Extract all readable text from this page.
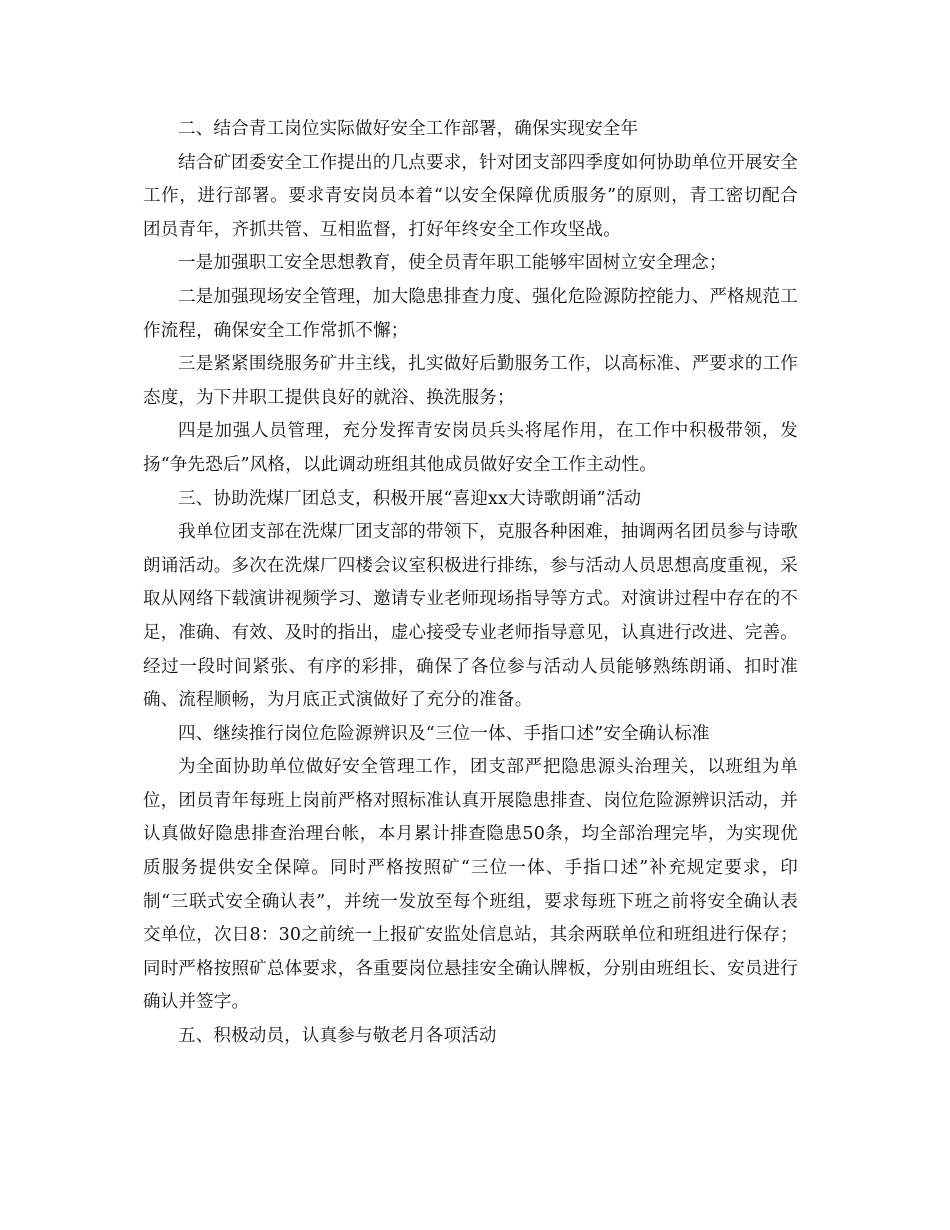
二、结合青工岗位实际做好安全工作部署，确保实现安全年

结合矿团委安全工作提出的几点要求，针对团支部四季度如何协助单位开展安全工作，进行部署。要求青安岗员本着“以安全保障优质服务”的原则，青工密切配合团员青年，齐抓共管、互相监督，打好年终安全工作攻坚战。

一是加强职工安全思想教育，使全员青年职工能够牢固树立安全理念；

二是加强现场安全管理，加大隐患排查力度、强化危险源防控能力、严格规范工作流程，确保安全工作常抓不懈；

三是紧紧围绕服务矿井主线，扎实做好后勤服务工作，以高标准、严要求的工作态度，为下井职工提供良好的就浴、换洗服务；

四是加强人员管理，充分发挥青安岗员兵头将尾作用，在工作中积极带领，发扬“争先恐后”风格，以此调动班组其他成员做好安全工作主动性。

三、协助洗煤厂团总支，积极开展“喜迎xx大诗歌朗诵”活动

我单位团支部在洗煤厂团支部的带领下，克服各种困难，抽调两名团员参与诗歌朗诵活动。多次在洗煤厂四楼会议室积极进行排练，参与活动人员思想高度重视，采取从网络下载演讲视频学习、邀请专业老师现场指导等方式。对演讲过程中存在的不足，准确、有效、及时的指出，虚心接受专业老师指导意见，认真进行改进、完善。经过一段时间紧张、有序的彩排，确保了各位参与活动人员能够熟练朗诵、扣时准确、流程顺畅，为月底正式演做好了充分的准备。

四、继续推行岗位危险源辨识及“三位一体、手指口述”安全确认标准

为全面协助单位做好安全管理工作，团支部严把隐患源头治理关，以班组为单位，团员青年每班上岗前严格对照标准认真开展隐患排查、岗位危险源辨识活动，并认真做好隐患排查治理台帐，本月累计排查隐患50条，均全部治理完毕，为实现优质服务提供安全保障。同时严格按照矿“三位一体、手指口述”补充规定要求，印制“三联式安全确认表”，并统一发放至每个班组，要求每班下班之前将安全确认表交单位，次日8：30之前统一上报矿安监处信息站，其余两联单位和班组进行保存；同时严格按照矿总体要求，各重要岗位悬挂安全确认牌板，分别由班组长、安员进行确认并签字。

五、积极动员，认真参与敬老月各项活动
